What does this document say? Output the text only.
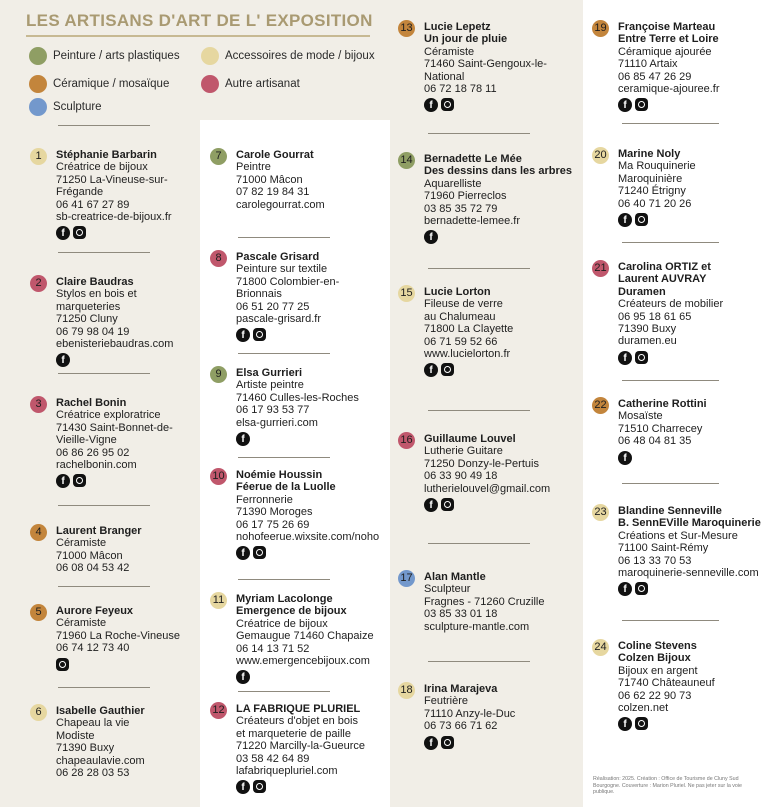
LES ARTISANS D'ART DE L' EXPOSITION
Peinture / arts plastiques	Accessoires de mode / bijoux
Céramique / mosaïque	Autre artisanat
Sculpture
1	Stéphanie Barbarin
Créatrice de bijoux
71250 La-Vineuse-sur-
Frégande
06 41 67 27 89
sb-creatrice-de-bijoux.fr
f
2	Claire Baudras
Stylos en bois et
marqueteries
71250 Cluny
06 79 98 04 19
ebenisteriebaudras.com
f
3	Rachel Bonin
Créatrice exploratrice
71430 Saint-Bonnet-de-
Vieille-Vigne
06 86 26 95 02
rachelbonin.com
f
4	Laurent Branger
Céramiste
71000 Mâcon
06 08 04 53 42
5	Aurore Feyeux
Céramiste
71960 La Roche-Vineuse
06 74 12 73 40
6	Isabelle Gauthier
Chapeau la vie
Modiste
71390 Buxy
chapeaulavie.com
06 28 28 03 53
7	Carole Gourrat
Peintre
71000 Mâcon
07 82 19 84 31
carolegourrat.com
8	Pascale Grisard
Peinture sur textile
71800 Colombier-en-
Brionnais
06 51 20 77 25
pascale-grisard.fr
f
9	Elsa Gurrieri
Artiste peintre
71460 Culles-les-Roches
06 17 93 53 77
elsa-gurrieri.com
f
10 Noémie Houssin
Féerue de la Luolle
Ferronnerie
71390 Moroges
06 17 75 26 69
nohofeerue.wixsite.com/noho
f
11 Myriam Lacolonge
Emergence de bijoux
Créatrice de bijoux
Gemaugue 71460 Chapaize
06 14 13 71 52
www.emergencebijoux.com
f
12 LA FABRIQUE PLURIEL
Créateurs d'objet en bois
et marqueterie de paille
71220 Marcilly-la-Gueurce
03 58 42 64 89
lafabriquepluriel.com
f
13 Lucie Lepetz
Un jour de pluie
Céramiste
71460 Saint-Gengoux-le-
National
06 72 18 78 11
f
14 Bernadette Le Mée
Des dessins dans les arbres
Aquarelliste
71960 Pierreclos
03 85 35 72 79
bernadette-lemee.fr
f
15 Lucie Lorton
Fileuse de verre
au Chalumeau
71800 La Clayette
06 71 59 52 66
www.lucielorton.fr
f
16 Guillaume Louvel
Lutherie Guitare
71250 Donzy-le-Pertuis
06 33 90 49 18
lutherielouvel@gmail.com
f
17 Alan Mantle
Sculpteur
Fragnes - 71260 Cruzille
03 85 33 01 18
sculpture-mantle.com
18 Irina Marajeva
Feutrière
71110 Anzy-le-Duc
06 73 66 71 62
f
19 Françoise Marteau
Entre Terre et Loire
Céramique ajourée
71110 Artaix
06 85 47 26 29
ceramique-ajouree.fr
f
20 Marine Noly
Ma Rouquinerie
Maroquinière
71240 Étrigny
06 40 71 20 26
f
21 Carolina ORTIZ et
Laurent AUVRAY
Duramen
Créateurs de mobilier
06 95 18 61 65
71390 Buxy
duramen.eu
f
22 Catherine Rottini
Mosaïste
71510 Charrecey
06 48 04 81 35
f
23 Blandine Senneville
B. SennEVille Maroquinerie
Créations et Sur-Mesure
71100 Saint-Rémy
06 13 33 70 53
maroquinerie-senneville.com
f
24 Coline Stevens
Colzen Bijoux
Bijoux en argent
71740 Châteauneuf
06 62 22 90 73
colzen.net
f
Réalisation: 2025. Création : Office de Tourisme de Cluny Sud Bourgogne. Couverture : Marion Pluriel. Ne pas jeter sur la voie publique.
